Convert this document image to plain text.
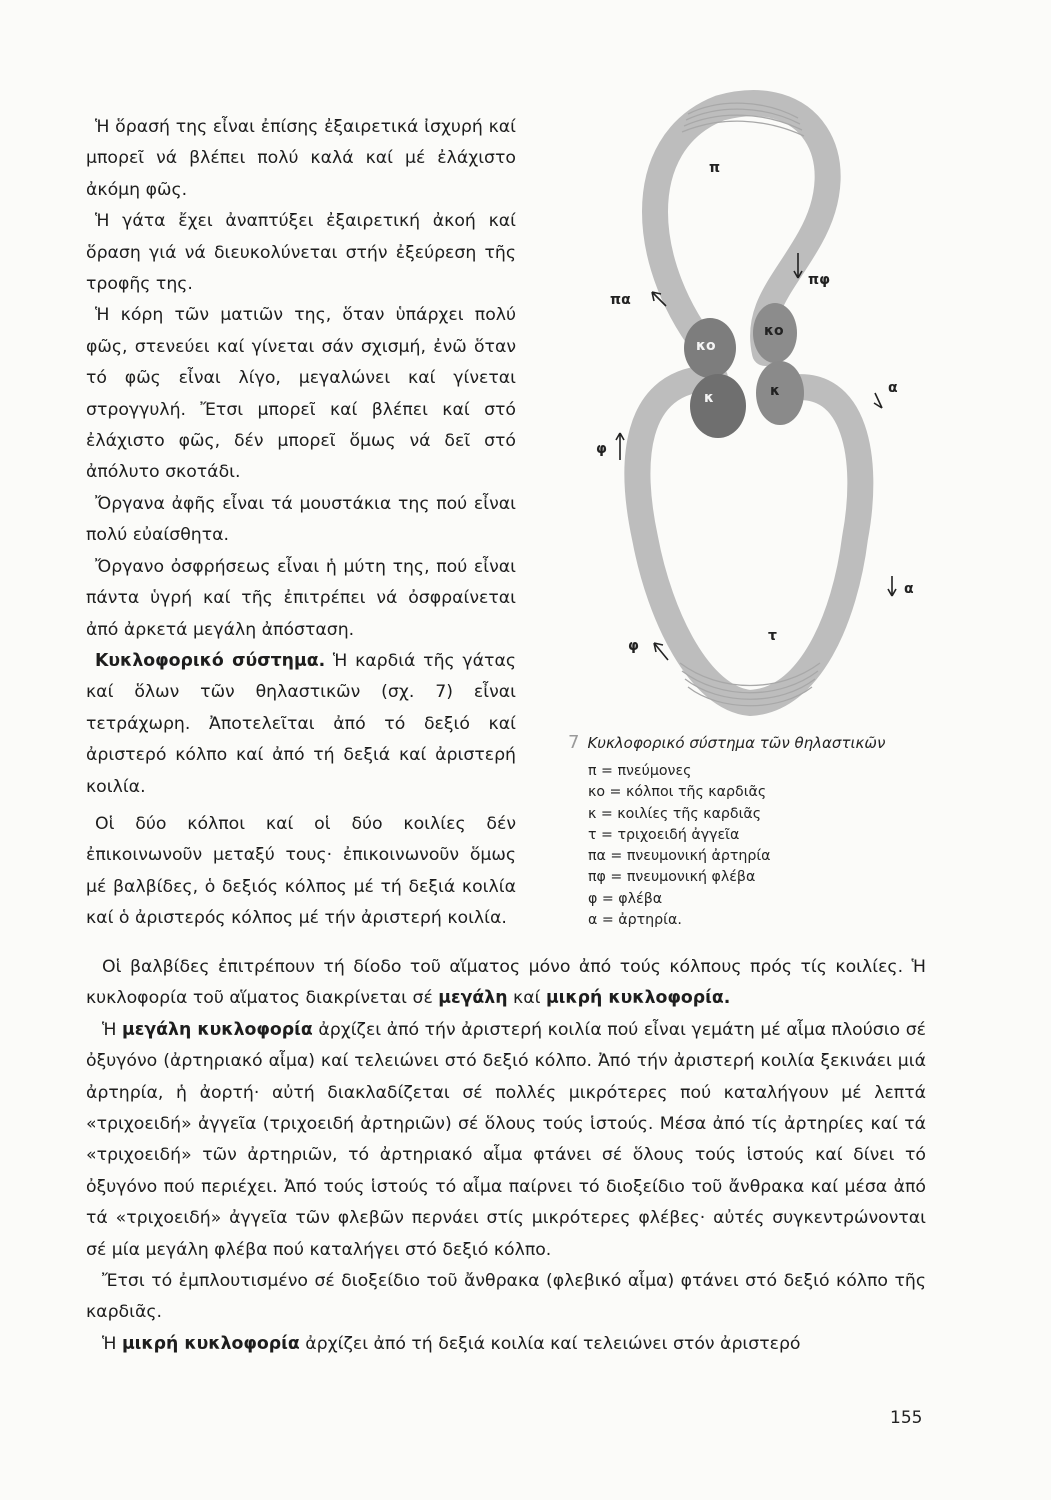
Ἡ ὅρασή της εἶναι ἐπίσης ἐξαιρετικά ἰσχυρή καί μπορεῖ νά βλέπει πολύ καλά καί μέ ἐλάχιστο ἀκόμη φῶς.

Ἡ γάτα ἔχει ἀναπτύξει ἐξαιρετική ἀκοή καί ὅραση γιά νά διευκολύνεται στήν ἐξεύρεση τῆς τροφῆς της.

Ἡ κόρη τῶν ματιῶν της, ὅταν ὑπάρχει πολύ φῶς, στενεύει καί γίνεται σάν σχισμή, ἐνῶ ὅταν τό φῶς εἶναι λίγο, μεγαλώνει καί γίνεται στρογγυλή. Ἔτσι μπορεῖ καί βλέπει καί στό ἐλάχιστο φῶς, δέν μπορεῖ ὅμως νά δεῖ στό ἀπόλυτο σκοτάδι.

Ὄργανα ἀφῆς εἶναι τά μουστάκια της πού εἶναι πολύ εὐαίσθητα.

Ὄργανο ὀσφρήσεως εἶναι ἡ μύτη της, πού εἶναι πάντα ὑγρή καί τῆς ἐπιτρέπει νά ὀσφραίνεται ἀπό ἀρκετά μεγάλη ἀπόσταση.

Κυκλοφορικό σύστημα. Ἡ καρδιά τῆς γάτας καί ὅλων τῶν θηλαστικῶν (σχ. 7) εἶναι τετράχωρη. Ἀποτελεῖται ἀπό τό δεξιό καί ἀριστερό κόλπο καί ἀπό τή δεξιά καί ἀριστερή κοιλία.

Οἱ δύο κόλποι καί οἱ δύο κοιλίες δέν ἐπικοινωνοῦν μεταξύ τους· ἐπικοινωνοῦν ὅμως μέ βαλβίδες, ὁ δεξιός κόλπος μέ τή δεξιά κοιλία καί ὁ ἀριστερός κόλπος μέ τήν ἀριστερή κοιλία.

π
πα
πφ
κο
κο
κ	κ	α
α
φ
φ
τ
7 Κυκλοφορικό σύστημα τῶν θηλαστικῶν
π = πνεύμονες
κο = κόλποι τῆς καρδιᾶς
κ = κοιλίες τῆς καρδιᾶς
τ = τριχοειδή ἀγγεῖα
πα = πνευμονική ἀρτηρία
πφ = πνευμονική φλέβα
φ = φλέβα
α = ἀρτηρία.

Οἱ βαλβίδες ἐπιτρέπουν τή δίοδο τοῦ αἵματος μόνο ἀπό τούς κόλπους πρός τίς κοιλίες. Ἡ κυκλοφορία τοῦ αἵματος διακρίνεται σέ μεγάλη καί μικρή κυκλοφορία.

Ἡ μεγάλη κυκλοφορία ἀρχίζει ἀπό τήν ἀριστερή κοιλία πού εἶναι γεμάτη μέ αἷμα πλούσιο σέ ὀξυγόνο (ἀρτηριακό αἷμα) καί τελειώνει στό δεξιό κόλπο. Ἀπό τήν ἀριστερή κοιλία ξεκινάει μιά ἀρτηρία, ἡ ἀορτή· αὐτή διακλαδίζεται σέ πολλές μικρότερες πού καταλήγουν μέ λεπτά «τριχοειδή» ἀγγεῖα (τριχοειδή ἀρτηριῶν) σέ ὅλους τούς ἱστούς. Μέσα ἀπό τίς ἀρτηρίες καί τά «τριχοειδή» τῶν ἀρτηριῶν, τό ἀρτηριακό αἷμα φτάνει σέ ὅλους τούς ἱστούς καί δίνει τό ὀξυγόνο πού περιέχει. Ἀπό τούς ἱστούς τό αἷμα παίρνει τό διοξείδιο τοῦ ἄνθρακα καί μέσα ἀπό τά «τριχοειδή» ἀγγεῖα τῶν φλεβῶν περνάει στίς μικρότερες φλέβες· αὐτές συγκεντρώνονται σέ μία μεγάλη φλέβα πού καταλήγει στό δεξιό κόλπο.

Ἔτσι τό ἐμπλουτισμένο σέ διοξείδιο τοῦ ἄνθρακα (φλεβικό αἷμα) φτάνει στό δεξιό κόλπο τῆς καρδιᾶς.

Ἡ μικρή κυκλοφορία ἀρχίζει ἀπό τή δεξιά κοιλία καί τελειώνει στόν ἀριστερό

155
